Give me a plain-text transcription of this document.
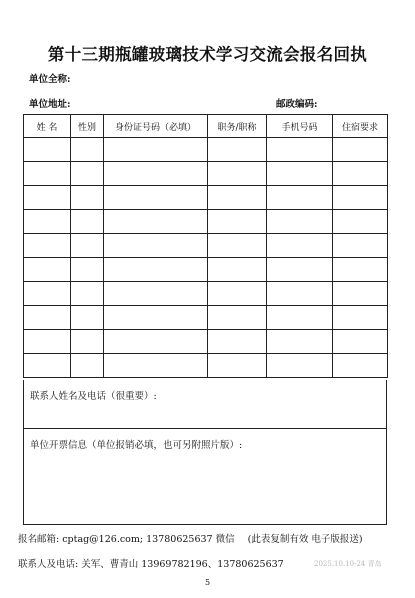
第十三期瓶罐玻璃技术学习交流会报名回执
单位全称:
单位地址:	邮政编码:
姓 名	性别	身份证号码（必填）	职务/职称	手机号码	住宿要求

联系人姓名及电话（很重要）:
单位开票信息（单位报销必填，也可另附照片版）:
报名邮箱: cptag@126.com; 13780625637 微信 (此表复制有效 电子版报送)
联系人及电话: 关军、曹青山 13969782196、13780625637	2025.10.10-24 青岛
5
